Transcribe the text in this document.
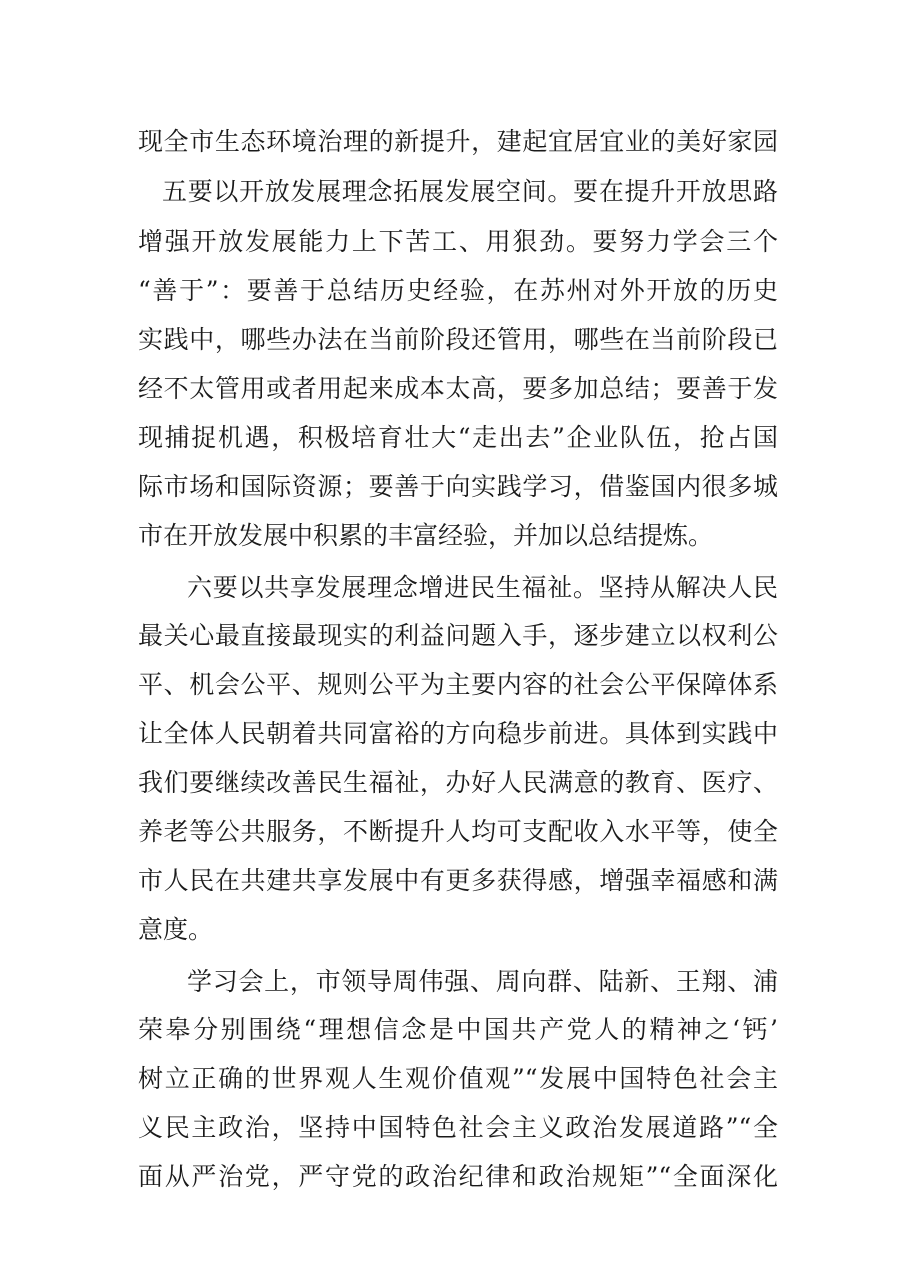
现全市生态环境治理的新提升，建起宜居宜业的美好家园
五要以开放发展理念拓展发展空间。要在提升开放思路
增强开放发展能力上下苦工、用狠劲。要努力学会三个
“善于”：要善于总结历史经验，在苏州对外开放的历史
实践中，哪些办法在当前阶段还管用，哪些在当前阶段已
经不太管用或者用起来成本太高，要多加总结；要善于发
现捕捉机遇，积极培育壮大“走出去”企业队伍，抢占国
际市场和国际资源；要善于向实践学习，借鉴国内很多城
市在开放发展中积累的丰富经验，并加以总结提炼。
六要以共享发展理念增进民生福祉。坚持从解决人民
最关心最直接最现实的利益问题入手，逐步建立以权利公
平、机会公平、规则公平为主要内容的社会公平保障体系
让全体人民朝着共同富裕的方向稳步前进。具体到实践中
我们要继续改善民生福祉，办好人民满意的教育、医疗、
养老等公共服务，不断提升人均可支配收入水平等，使全
市人民在共建共享发展中有更多获得感，增强幸福感和满
意度。
学习会上，市领导周伟强、周向群、陆新、王翔、浦
荣皋分别围绕“理想信念是中国共产党人的精神之‘钙’
树立正确的世界观人生观价值观”“发展中国特色社会主
义民主政治，坚持中国特色社会主义政治发展道路”“全
面从严治党，严守党的政治纪律和政治规矩”“全面深化
